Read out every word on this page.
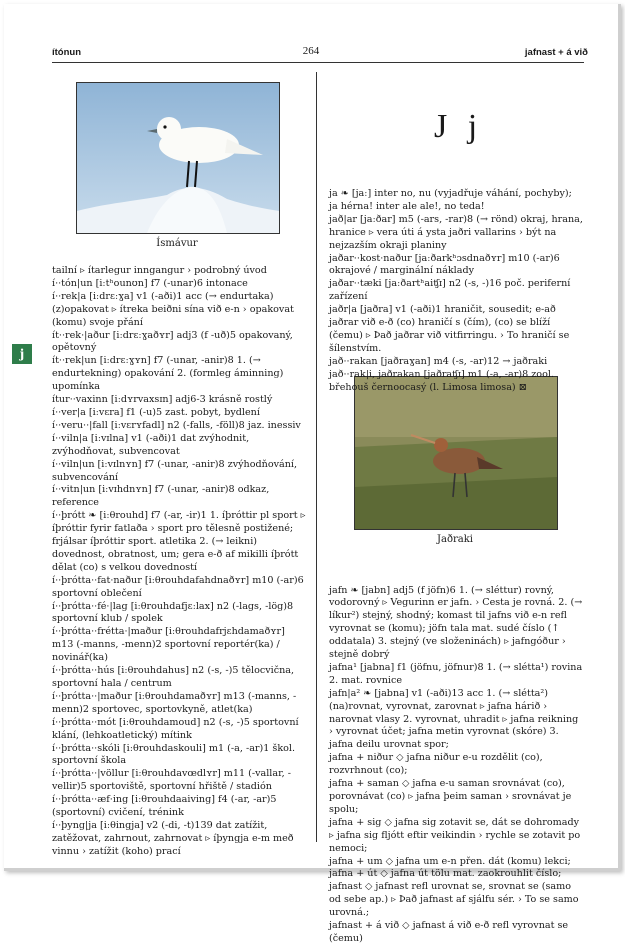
ítónun	264	jafnast + á við
j
Ísmávur
J j
Jaðraki

tailní ▹ ítarlegur inngangur › podrobný úvod

í··tón|un [iːtʰounʊn] f7 (-unar)6 intonace

í··rek|a [iːdrɛːɣa] v1 (-aði)1 acc (→ endurtaka) (z)opakovat ▹ ítreka beiðni sína við e-n › opakovat (komu) svoje přání

ít··rek·|aður [iːdrɛːɣaðʏr] adj3 (f -uð)5 opakovaný, opětovný

ít··rek|un [iːdrɛːɣʏn] f7 (-unar, -anir)8 1. (→ endurtekning) opakování 2. (formleg áminning) upomínka

ítur··vaxinn [iːdʏrvaxsɪn] adj6-3 krásně rostlý

í··ver|a [iːvɛra] f1 (-u)5 zast. pobyt, bydlení

í··veru··|fall [iːvɛrʏfadl] n2 (-falls, -föll)8 jaz. inessiv

í··viln|a [iːvɪlna] v1 (-aði)1 dat zvýhodnit, zvýhodňovat, subvencovat

í··viln|un [iːvɪlnʏn] f7 (-unar, -anir)8 zvýhodňování, subvencování

í··vitn|un [iːvɪhdnʏn] f7 (-unar, -anir)8 odkaz, reference

í··þrótt ❧ [iːθrouhd] f7 (-ar, -ir)1 1. íþróttir pl sport ▹ íþróttir fyrir fatlaða › sport pro tělesně postižené; frjálsar íþróttir sport. atletika 2. (→ leikni) dovednost, obratnost, um; gera e-ð af mikilli íþrótt dělat (co) s velkou dovedností

í··þrótta··fat·naður [iːθrouhdafahdnaðʏr] m10 (-ar)6 sportovní oblečení

í··þrótta··fé·|lag [iːθrouhdafjɛːlax] n2 (-lags, -lög)8 sportovní klub / spolek

í··þrótta··frétta·|maður [iːθrouhdafrjɛhdamaðʏr] m13 (-manns, -menn)2 sportovní reportér(ka) / novinář(ka)

í··þrótta··hús [iːθrouhdahus] n2 (-s, -)5 tělocvična, sportovní hala / centrum

í··þrótta··|maður [iːθrouhdamaðʏr] m13 (-manns, -menn)2 sportovec, sportovkyně, atlet(ka)

í··þrótta··mót [iːθrouhdamoud] n2 (-s, -)5 sportovní klání, (lehkoatletický) mítink

í··þrótta··skóli [iːθrouhdaskouli] m1 (-a, -ar)1 škol. sportovní škola

í··þrótta··|völlur [iːθrouhdavœdlʏr] m11 (-vallar, -vellir)5 sportoviště, sportovní hřiště / stadión

í··þrótta··æf·ing [iːθrouhdaaivinɡ] f4 (-ar, -ar)5 (sportovní) cvičení, trénink

í··þyng|ja [iːθinɡja] v2 (-di, -t)139 dat zatížit, zatěžovat, zahrnout, zahrnovat ▹ íþyngja e-m með vinnu › zatížit (koho) prací

ja ❧ [jaː] inter no, nu (vyjadřuje váhání, pochyby); ja hérna! inter ale ale!, no teda!

jað|ar [jaːðar] m5 (-ars, -rar)8 (→ rönd) okraj, hrana, hranice ▹ vera úti á ysta jaðri vallarins › být na nejzazším okraji planiny

jaðar··kost·naður [jaːðarkʰɔsdnaðʏr] m10 (-ar)6 okrajové / marginální náklady

jaðar··tæki [jaːðartʰaiʧɪ] n2 (-s, -)16 poč. periferní zařízení

jaðr|a [jaðra] v1 (-aði)1 hraničit, sousedit; e-að jaðrar við e-ð (co) hraničí s (čím), (co) se blíží (čemu) ▹ Það jaðrar við vitfirringu. › To hraničí se šílenstvím.

jað··rakan [jaðraɣan] m4 (-s, -ar)12 → jaðraki

jað··rak|i, jaðrakan [jaðraʧɪ] m1 (-a, -ar)8 zool. břehouš černoocasý (l. Limosa limosa) ⊠

jafn ❧ [jabn] adj5 (f jöfn)6 1. (→ sléttur) rovný, vodorovný ▹ Vegurinn er jafn. › Cesta je rovná. 2. (→ líkur²) stejný, shodný; komast til jafns við e-n refl vyrovnat se (komu); jöfn tala mat. sudé číslo (↑ oddatala) 3. stejný (ve složeninách) ▹ jafngóður › stejně dobrý

jafna¹ [jabna] f1 (jöfnu, jöfnur)8 1. (→ slétta¹) rovina 2. mat. rovnice

jafn|a² ❧ [jabna] v1 (-aði)13 acc 1. (→ slétta²) (na)rovnat, vyrovnat, zarovnat ▹ jafna hárið › narovnat vlasy 2. vyrovnat, uhradit ▹ jafna reikning › vyrovnat účet; jafna metin vyrovnat (skóre) 3. jafna deilu urovnat spor;

jafna + niður ◇ jafna niður e-u rozdělit (co), rozvrhnout (co);

jafna + saman ◇ jafna e-u saman srovnávat (co), porovnávat (co) ▹ jafna þeim saman › srovnávat je spolu;

jafna + sig ◇ jafna sig zotavit se, dát se dohromady ▹ jafna sig fljótt eftir veikindin › rychle se zotavit po nemoci;

jafna + um ◇ jafna um e-n přen. dát (komu) lekci;

jafna + út ◇ jafna út tölu mat. zaokrouhlit číslo;

jafnast ◇ jafnast refl urovnat se, srovnat se (samo od sebe ap.) ▹ Það jafnast af sjálfu sér. › To se samo urovná.;

jafnast + á við ◇ jafnast á við e-ð refl vyrovnat se (čemu)
